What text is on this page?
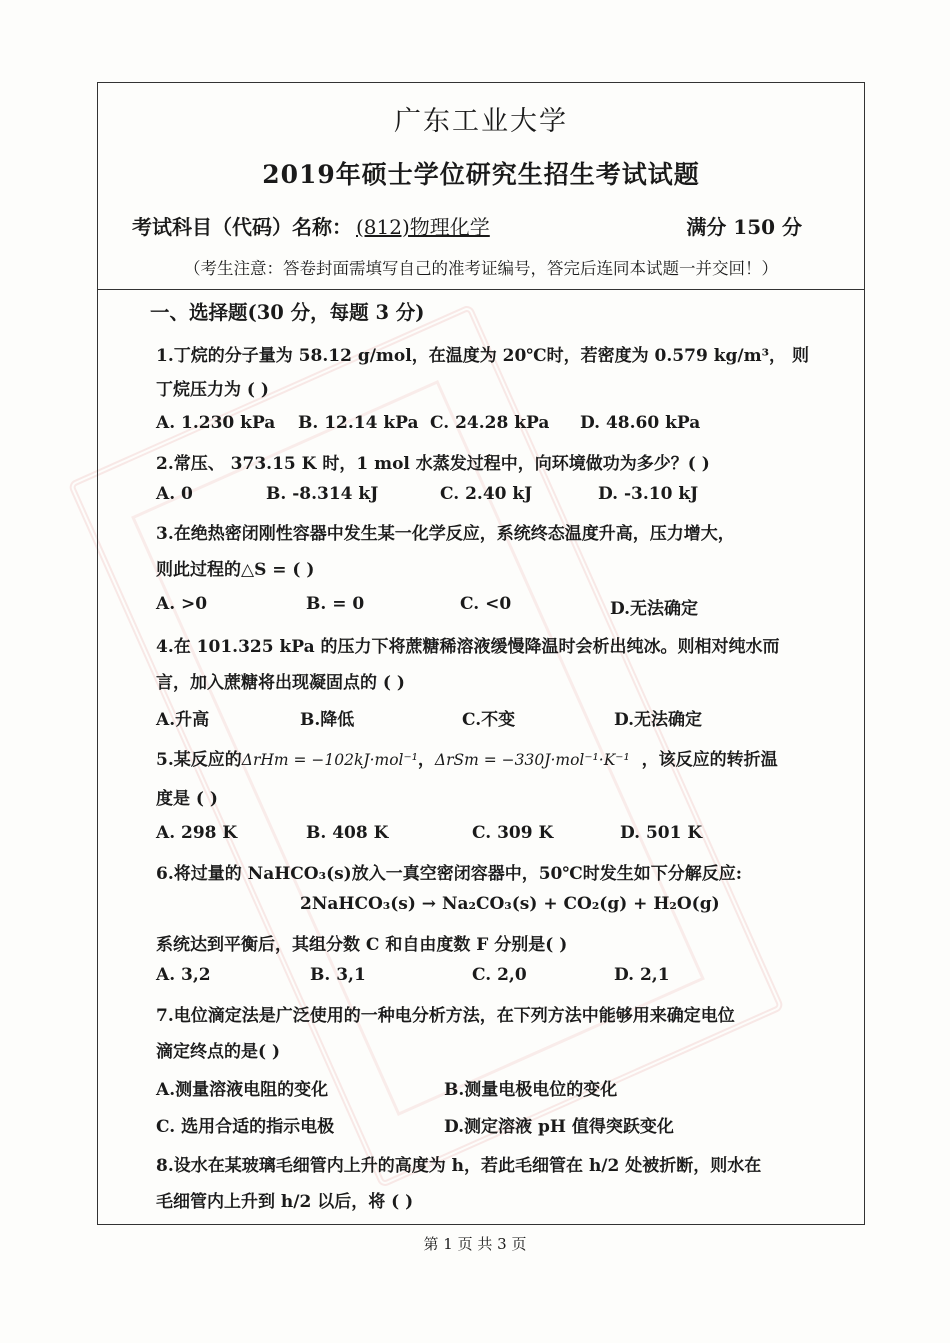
广东工业大学
2019年硕士学位研究生招生考试试题
考试科目（代码）名称： (812)物理化学	满分 150 分
（考生注意：答卷封面需填写自己的准考证编号，答完后连同本试题一并交回！）
一、选择题(30 分，每题 3 分)
1.丁烷的分子量为 58.12 g/mol，在温度为 20℃时，若密度为 0.579 kg/m³， 则
丁烷压力为 ( )
A. 1.230 kPa B. 12.14 kPa C. 24.28 kPa D. 48.60 kPa
2.常压、 373.15 K 时，1 mol 水蒸发过程中，向环境做功为多少？( )
A. 0	B. -8.314 kJ	C. 2.40 kJ	D. -3.10 kJ
3.在绝热密闭刚性容器中发生某一化学反应，系统终态温度升高，压力增大，
则此过程的△S = ( )
A. >0	B. = 0	C. <0	D.无法确定
4.在 101.325 kPa 的压力下将蔗糖稀溶液缓慢降温时会析出纯冰。则相对纯水而
言，加入蔗糖将出现凝固点的 ( )
A.升高	B.降低	C.不变	D.无法确定
5.某反应的ΔrHm = −102kJ·mol⁻¹，ΔrSm = −330J·mol⁻¹·K⁻¹ ，该反应的转折温
度是 ( )
A. 298 K	B. 408 K	C. 309 K	D. 501 K
6.将过量的 NaHCO₃(s)放入一真空密闭容器中，50℃时发生如下分解反应:
2NaHCO₃(s) → Na₂CO₃(s) + CO₂(g) + H₂O(g)
系统达到平衡后，其组分数 C 和自由度数 F 分别是( )
A. 3,2	B. 3,1	C. 2,0	D. 2,1
7.电位滴定法是广泛使用的一种电分析方法，在下列方法中能够用来确定电位
滴定终点的是( )
A.测量溶液电阻的变化	B.测量电极电位的变化
C. 选用合适的指示电极	D.测定溶液 pH 值得突跃变化
8.设水在某玻璃毛细管内上升的高度为 h，若此毛细管在 h/2 处被折断，则水在
毛细管内上升到 h/2 以后，将 ( )
第 1 页 共 3 页
